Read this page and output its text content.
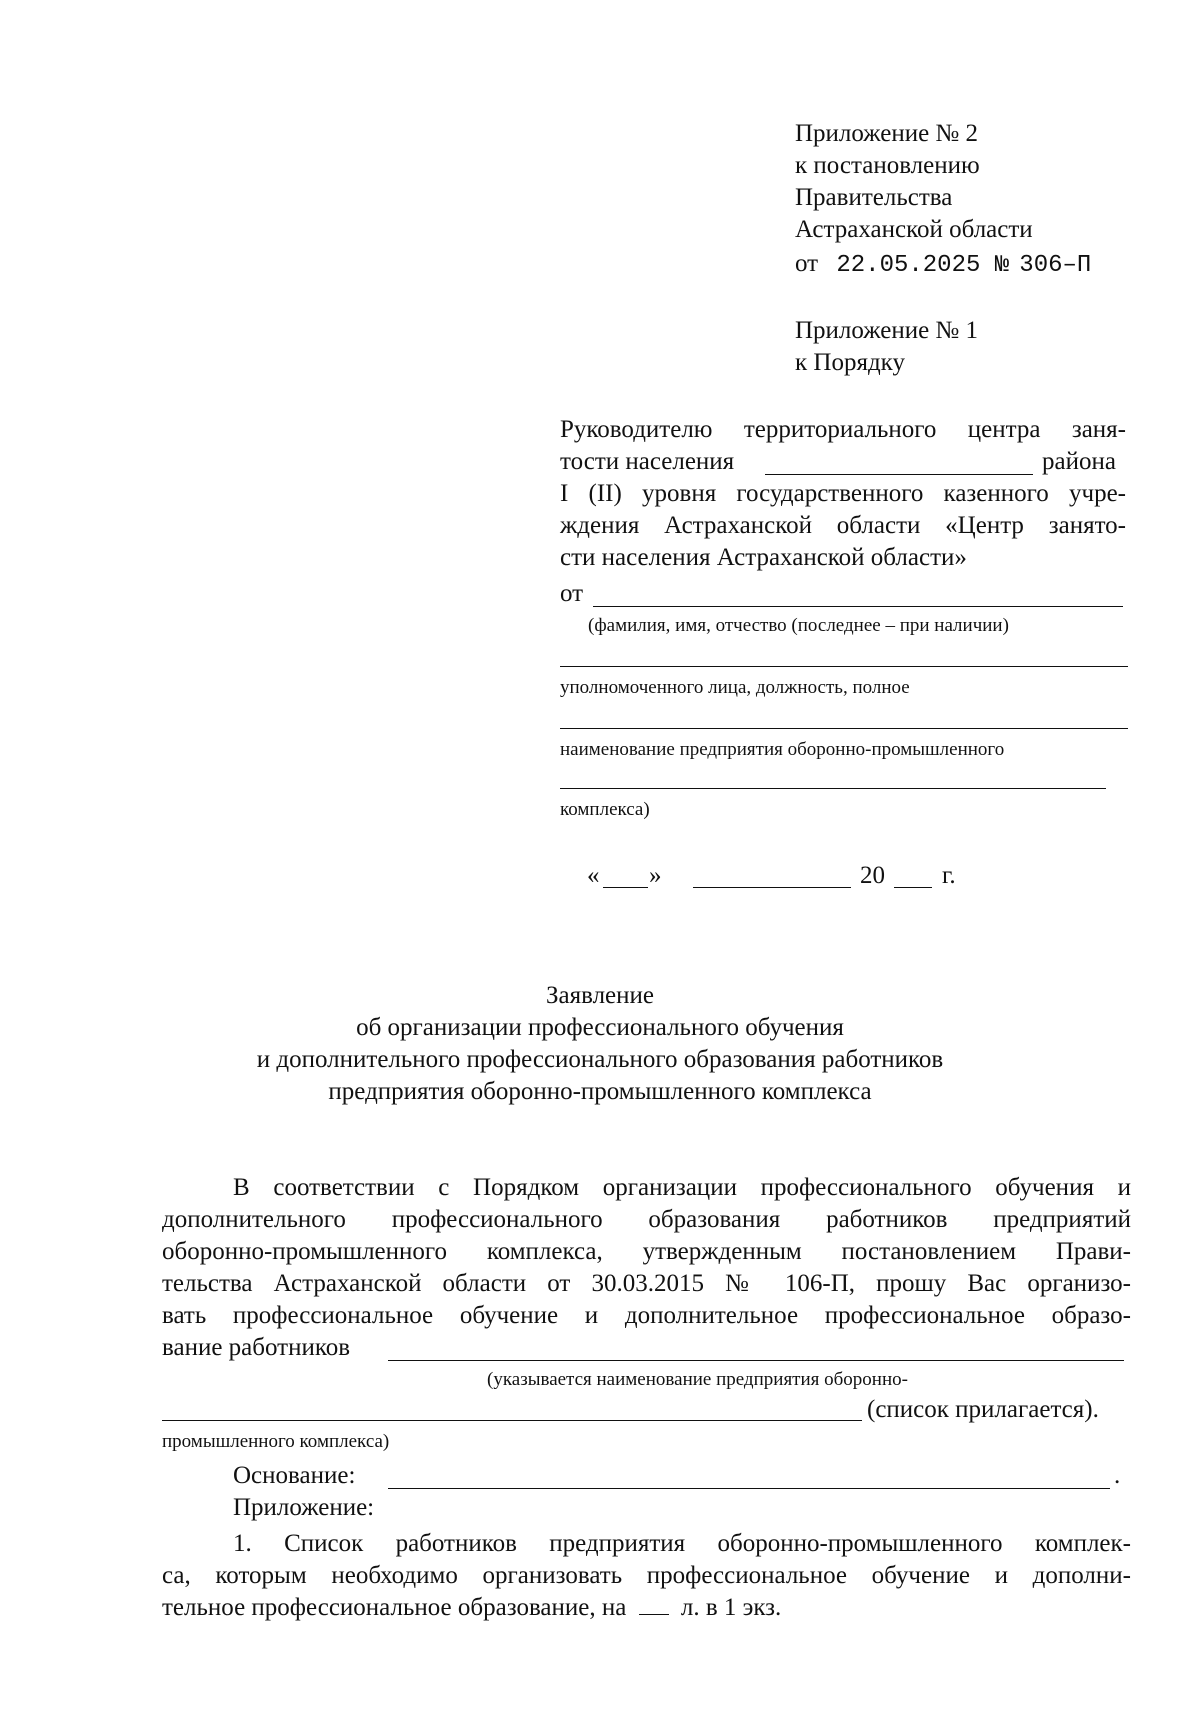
Приложение № 2
к постановлению
Правительства
Астраханской области
от 22.05.2025 № 306–П
Приложение № 1
к Порядку
Руководителю территориального центра заня-
тости населения	района
I (II) уровня государственного казенного учре-
ждения Астраханской области «Центр занято-
сти населения Астраханской области»
от
(фамилия, имя, отчество (последнее – при наличии)
уполномоченного лица, должность, полное
наименование предприятия оборонно-промышленного
комплекса)
« »	20 г.
Заявление
об организации профессионального обучения
и дополнительного профессионального образования работников
предприятия оборонно-промышленного комплекса
В соответствии с Порядком организации профессионального обучения и
дополнительного профессионального образования работников предприятий
оборонно-промышленного комплекса, утвержденным постановлением Прави-
тельства Астраханской области от 30.03.2015 № 106-П, прошу Вас организо-
вать профессиональное обучение и дополнительное профессиональное образо-
вание работников
(указывается наименование предприятия оборонно-
(список прилагается).
промышленного комплекса)
Основание:	.
Приложение:
1. Список работников предприятия оборонно-промышленного комплек-
са, которым необходимо организовать профессиональное обучение и дополни-
тельное профессиональное образование, на л. в 1 экз.
